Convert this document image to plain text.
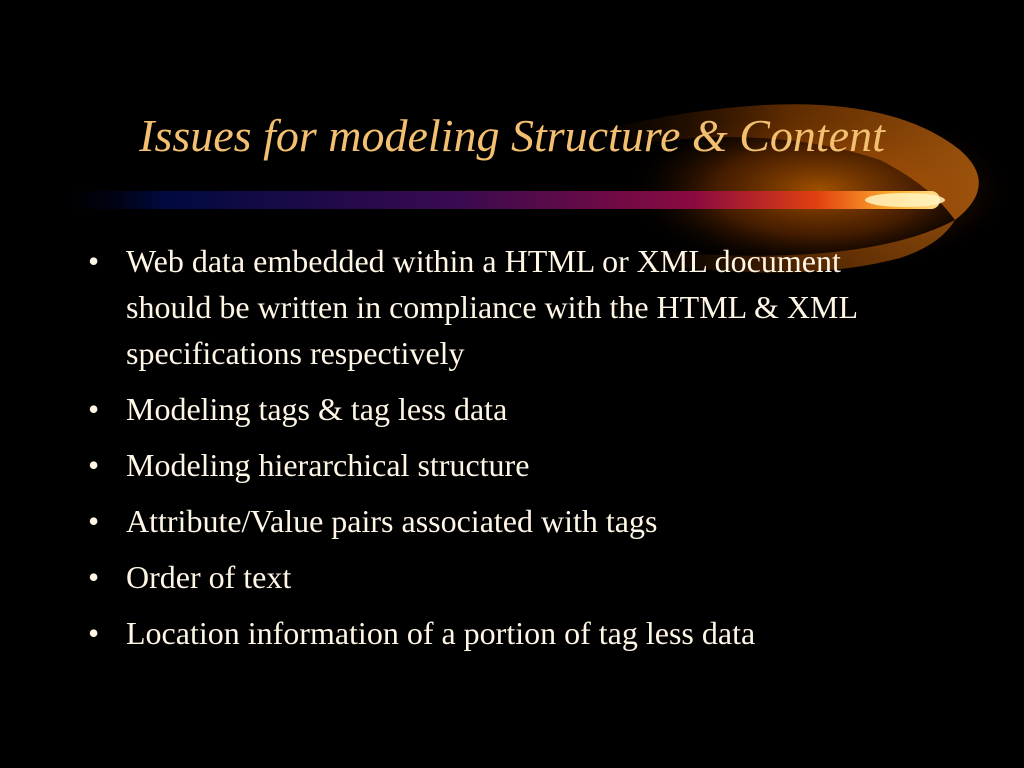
Issues for modeling Structure & Content
• Web data embedded within a HTML or XML document should be written in compliance with the HTML & XML specifications respectively
• Modeling tags & tag less data
• Modeling hierarchical structure
• Attribute/Value pairs associated with tags
• Order of text
• Location information of a portion of tag less data
